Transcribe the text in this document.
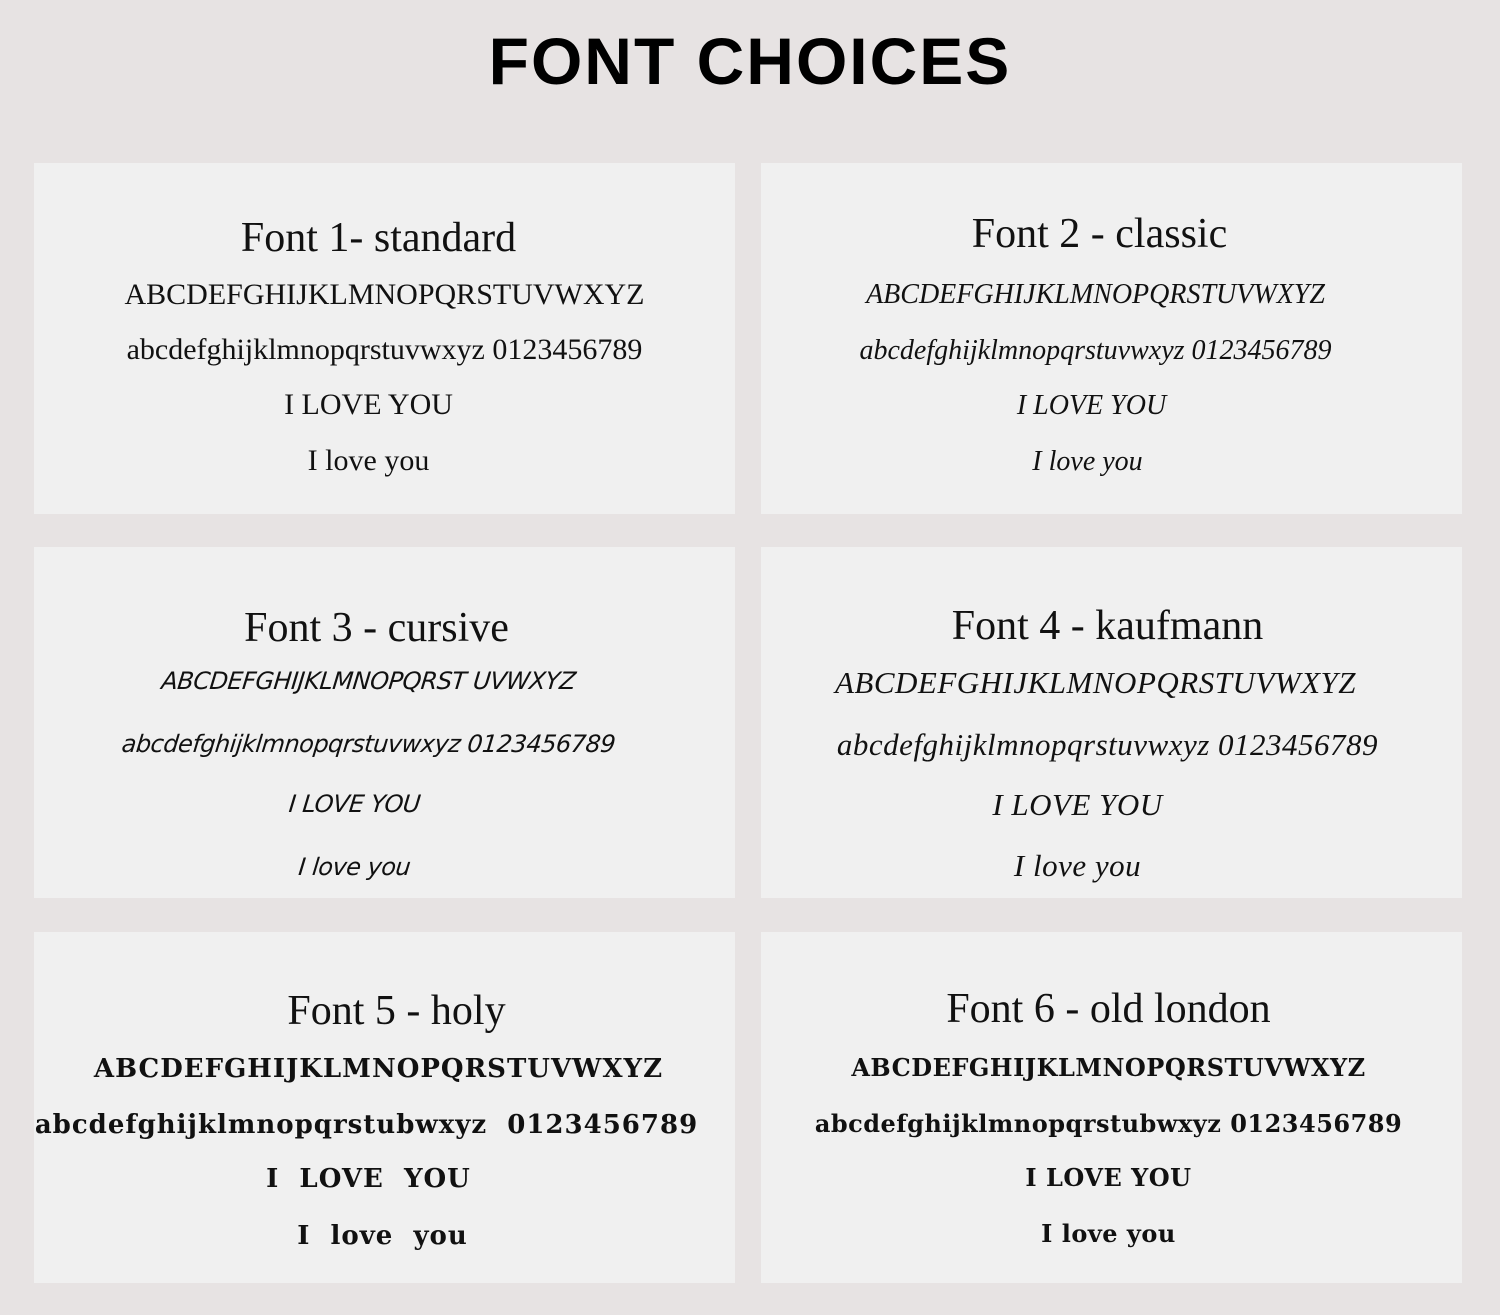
FONT CHOICES
Font 1- standard
ABCDEFGHIJKLMNOPQRSTUVWXYZ
abcdefghijklmnopqrstuvwxyz 0123456789
I LOVE YOU
I love you
Font 2 - classic
ABCDEFGHIJKLMNOPQRSTUVWXYZ
abcdefghijklmnopqrstuvwxyz 0123456789
I LOVE YOU
I love you
Font 3 - cursive
ABCDEFGHIJKLMNOPQRST UVWXYZ
abcdefghijklmnopqrstuvwxyz 0123456789
I LOVE YOU
I love you
Font 4 - kaufmann
ABCDEFGHIJKLMNOPQRSTUVWXYZ
abcdefghijklmnopqrstuvwxyz 0123456789
I LOVE YOU
I love you
Font 5 - holy
ABCDEFGHIJKLMNOPQRSTUVWXYZ
abcdefghijklmnopqrstubwxyz  0123456789
I  LOVE  YOU
I  love  you
Font 6 - old london
ABCDEFGHIJKLMNOPQRSTUVWXYZ
abcdefghijklmnopqrstubwxyz 0123456789
I LOVE YOU
I love you
